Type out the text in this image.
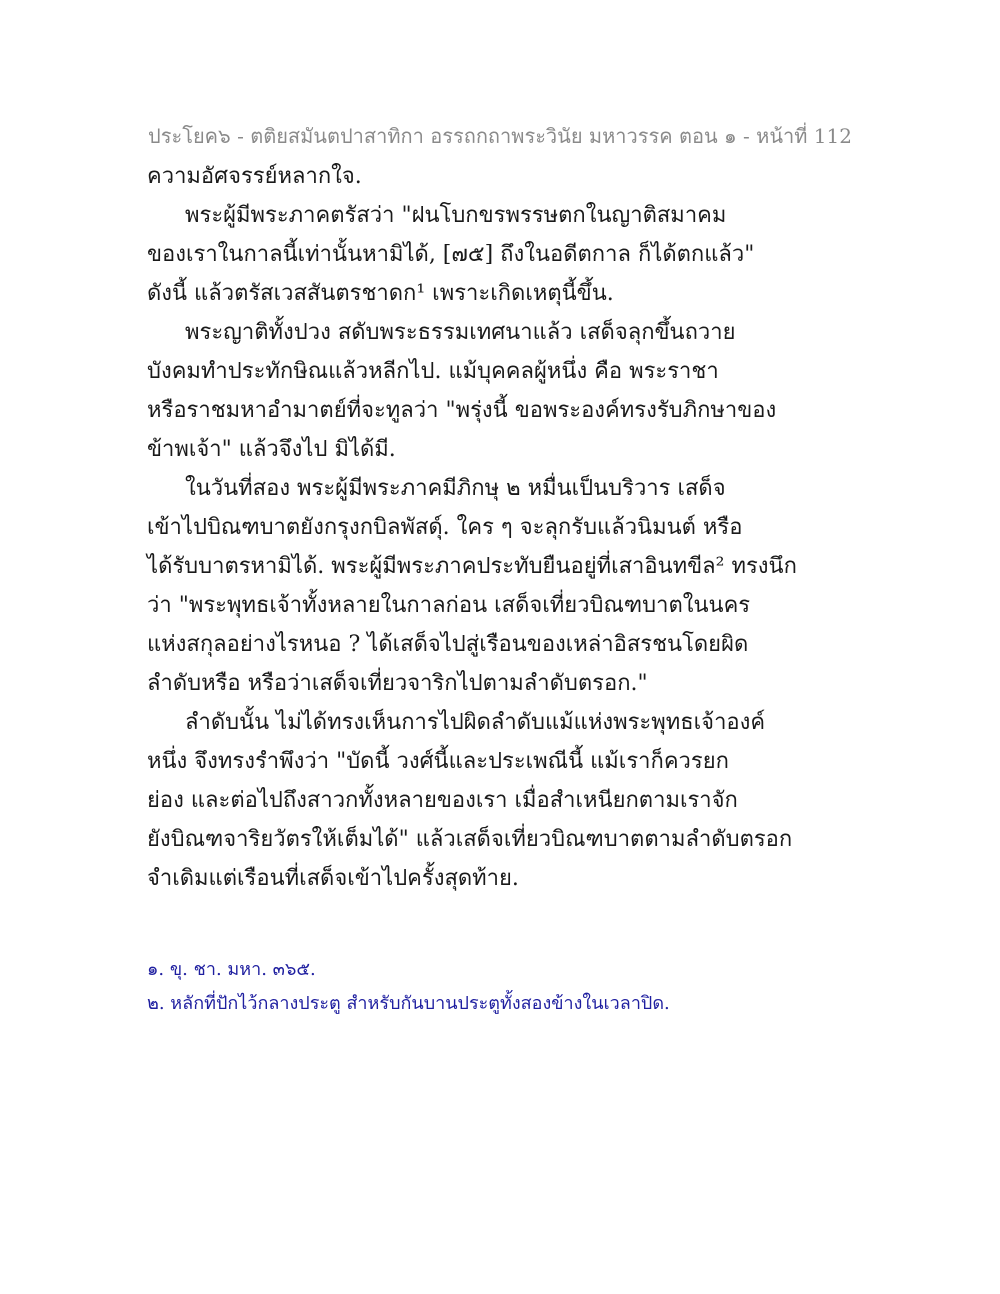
ประโยค๖ - ตติยสมันตปาสาทิกา อรรถกถาพระวินัย มหาวรรค ตอน ๑ - หน้าที่ 112
ความอัศจรรย์หลากใจ.
พระผู้มีพระภาคตรัสว่า "ฝนโบกขรพรรษตกในญาติสมาคม
ของเราในกาลนี้เท่านั้นหามิได้, [๗๕] ถึงในอดีตกาล ก็ได้ตกแล้ว"
ดังนี้ แล้วตรัสเวสสันตรชาดก¹ เพราะเกิดเหตุนี้ขึ้น.
พระญาติทั้งปวง สดับพระธรรมเทศนาแล้ว เสด็จลุกขึ้นถวาย
บังคมทำประทักษิณแล้วหลีกไป. แม้บุคคลผู้หนึ่ง คือ พระราชา
หรือราชมหาอำมาตย์ที่จะทูลว่า "พรุ่งนี้ ขอพระองค์ทรงรับภิกษาของ
ข้าพเจ้า" แล้วจึงไป มิได้มี.
ในวันที่สอง พระผู้มีพระภาคมีภิกษุ ๒ หมื่นเป็นบริวาร เสด็จ
เข้าไปบิณฑบาตยังกรุงกบิลพัสดุ์. ใคร ๆ จะลุกรับแล้วนิมนต์ หรือ
ได้รับบาตรหามิได้. พระผู้มีพระภาคประทับยืนอยู่ที่เสาอินทขีล² ทรงนึก
ว่า "พระพุทธเจ้าทั้งหลายในกาลก่อน เสด็จเที่ยวบิณฑบาตในนคร
แห่งสกุลอย่างไรหนอ ? ได้เสด็จไปสู่เรือนของเหล่าอิสรชนโดยผิด
ลำดับหรือ หรือว่าเสด็จเที่ยวจาริกไปตามลำดับตรอก."
ลำดับนั้น ไม่ได้ทรงเห็นการไปผิดลำดับแม้แห่งพระพุทธเจ้าองค์
หนึ่ง จึงทรงรำพึงว่า "บัดนี้ วงศ์นี้และประเพณีนี้ แม้เราก็ควรยก
ย่อง และต่อไปถึงสาวกทั้งหลายของเรา เมื่อสำเหนียกตามเราจัก
ยังบิณฑจาริยวัตรให้เต็มได้" แล้วเสด็จเที่ยวบิณฑบาตตามลำดับตรอก
จำเดิมแต่เรือนที่เสด็จเข้าไปครั้งสุดท้าย.
๑. ขุ. ชา. มหา. ๓๖๕.
๒. หลักที่ปักไว้กลางประตู สำหรับกันบานประตูทั้งสองข้างในเวลาปิด.
